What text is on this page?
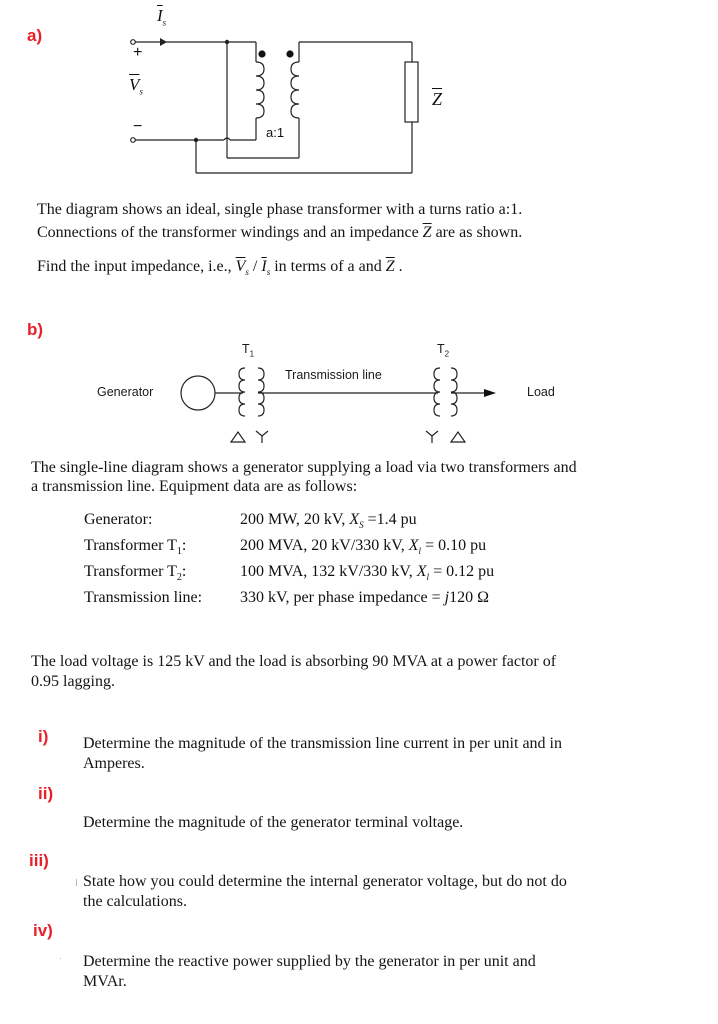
a)
$\overline{I}_s$
+
$\overline{V}_s$
−	a:1
$\overline{Z}$
The diagram shows an ideal, single phase transformer with a turns ratio a:1.
Connections of the transformer windings and an impedance $\overline{Z}$ are as shown.
Find the input impedance, i.e., $\overline{V}_s / \overline{I}_s$ in terms of a and $\overline{Z}$ .
b)
$T_1$	$T_2$
Transmission line
Generator	Load
The single-line diagram shows a generator supplying a load via two transformers and
a transmission line. Equipment data are as follows:
Generator:	200 MW, 20 kV, $X_S =1.4$ pu
Transformer $T_1$:	200 MVA, 20 kV/330 kV, $X_l = 0.10$ pu
Transformer $T_2$:	100 MVA, 132 kV/330 kV, $X_l = 0.12$ pu
Transmission line: 330 kV, per phase impedance = j120 Ω
The load voltage is 125 kV and the load is absorbing 90 MVA at a power factor of
0.95 lagging.
i) Determine the magnitude of the transmission line current in per unit and in
Amperes.
ii)
Determine the magnitude of the generator terminal voltage.
iii)
State how you could determine the internal generator voltage, but do not do
the calculations.
iv)
Determine the reactive power supplied by the generator in per unit and
MVAr.
